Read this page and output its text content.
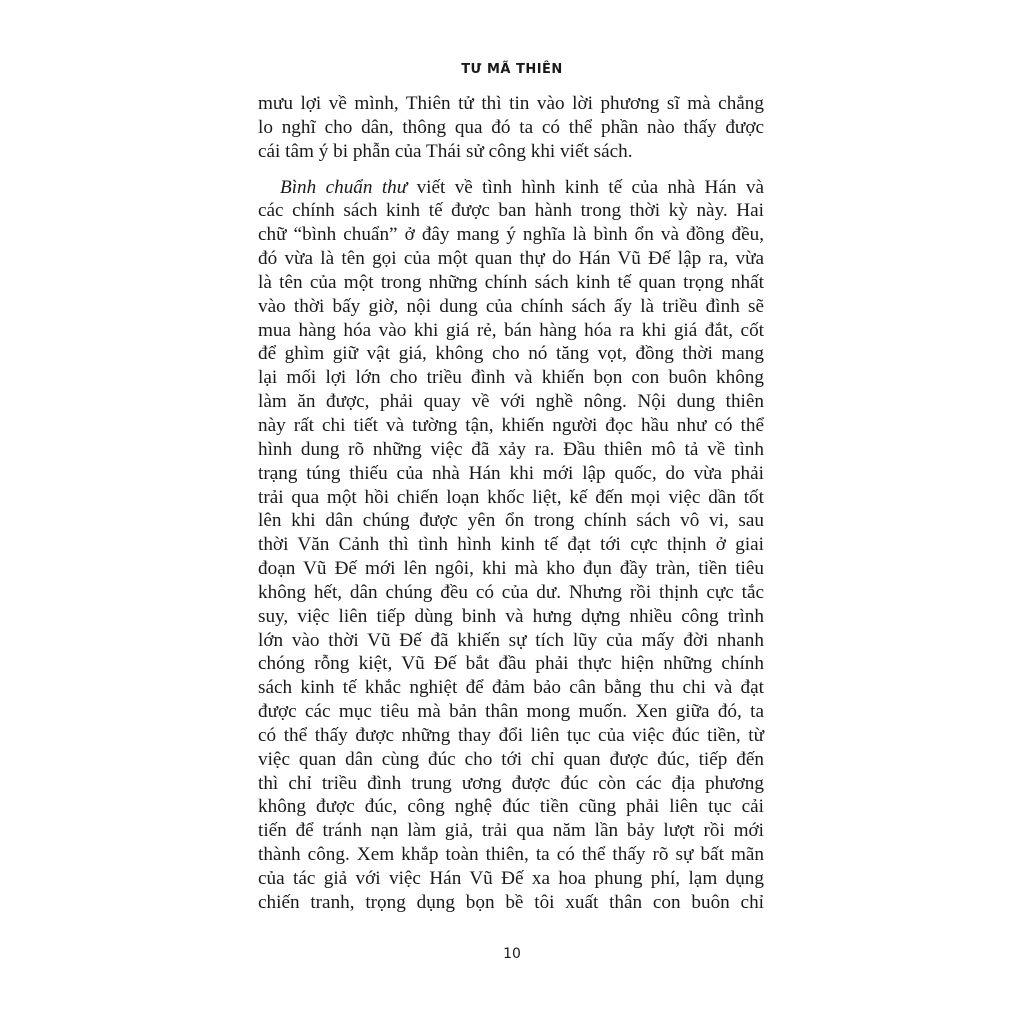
TƯ MÃ THIÊN
mưu lợi về mình, Thiên tử thì tin vào lời phương sĩ mà chẳng
lo nghĩ cho dân, thông qua đó ta có thể phần nào thấy được
cái tâm ý bi phẫn của Thái sử công khi viết sách.
Bình chuẩn thư viết về tình hình kinh tế của nhà Hán và
các chính sách kinh tế được ban hành trong thời kỳ này. Hai
chữ “bình chuẩn” ở đây mang ý nghĩa là bình ổn và đồng đều,
đó vừa là tên gọi của một quan thự do Hán Vũ Đế lập ra, vừa
là tên của một trong những chính sách kinh tế quan trọng nhất
vào thời bấy giờ, nội dung của chính sách ấy là triều đình sẽ
mua hàng hóa vào khi giá rẻ, bán hàng hóa ra khi giá đắt, cốt
để ghìm giữ vật giá, không cho nó tăng vọt, đồng thời mang
lại mối lợi lớn cho triều đình và khiến bọn con buôn không
làm ăn được, phải quay về với nghề nông. Nội dung thiên
này rất chi tiết và tường tận, khiến người đọc hầu như có thể
hình dung rõ những việc đã xảy ra. Đầu thiên mô tả về tình
trạng túng thiếu của nhà Hán khi mới lập quốc, do vừa phải
trải qua một hồi chiến loạn khốc liệt, kế đến mọi việc dần tốt
lên khi dân chúng được yên ổn trong chính sách vô vi, sau
thời Văn Cảnh thì tình hình kinh tế đạt tới cực thịnh ở giai
đoạn Vũ Đế mới lên ngôi, khi mà kho đụn đầy tràn, tiền tiêu
không hết, dân chúng đều có của dư. Nhưng rồi thịnh cực tắc
suy, việc liên tiếp dùng binh và hưng dựng nhiều công trình
lớn vào thời Vũ Đế đã khiến sự tích lũy của mấy đời nhanh
chóng rỗng kiệt, Vũ Đế bắt đầu phải thực hiện những chính
sách kinh tế khắc nghiệt để đảm bảo cân bằng thu chi và đạt
được các mục tiêu mà bản thân mong muốn. Xen giữa đó, ta
có thể thấy được những thay đổi liên tục của việc đúc tiền, từ
việc quan dân cùng đúc cho tới chỉ quan được đúc, tiếp đến
thì chỉ triều đình trung ương được đúc còn các địa phương
không được đúc, công nghệ đúc tiền cũng phải liên tục cải
tiến để tránh nạn làm giả, trải qua năm lần bảy lượt rồi mới
thành công. Xem khắp toàn thiên, ta có thể thấy rõ sự bất mãn
của tác giả với việc Hán Vũ Đế xa hoa phung phí, lạm dụng
chiến tranh, trọng dụng bọn bề tôi xuất thân con buôn chỉ
10
